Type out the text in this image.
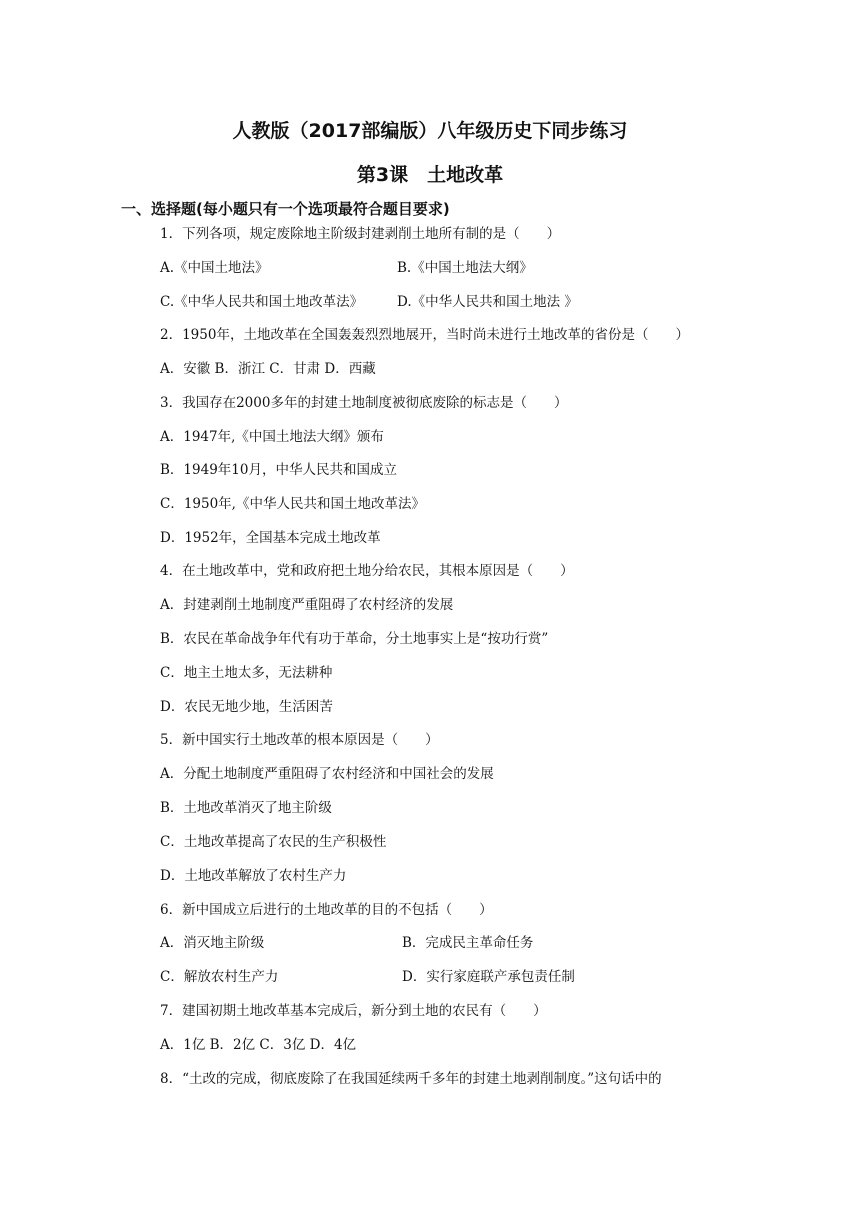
人教版（2017部编版）八年级历史下同步练习
第3课　土地改革
一、选择题(每小题只有一个选项最符合题目要求)

1．下列各项，规定废除地主阶级封建剥削土地所有制的是（　　）

A.《中国土地法》	B.《中国土地法大纲》

C.《中华人民共和国土地改革法》	D.《中华人民共和国土地法 》

2．1950年，土地改革在全国轰轰烈烈地展开，当时尚未进行土地改革的省份是（　　）

A．安徽 B．浙江 C．甘肃 D．西藏

3．我国存在2000多年的封建土地制度被彻底废除的标志是（　　）

A．1947年,《中国土地法大纲》颁布

B．1949年10月，中华人民共和国成立

C．1950年,《中华人民共和国土地改革法》

D．1952年，全国基本完成土地改革

4．在土地改革中，党和政府把土地分给农民，其根本原因是（　　）

A．封建剥削土地制度严重阻碍了农村经济的发展

B．农民在革命战争年代有功于革命，分土地事实上是“按功行赏”

C．地主土地太多，无法耕种

D．农民无地少地，生活困苦

5．新中国实行土地改革的根本原因是（　　）

A．分配土地制度严重阻碍了农村经济和中国社会的发展

B．土地改革消灭了地主阶级

C．土地改革提高了农民的生产积极性

D．土地改革解放了农村生产力

6．新中国成立后进行的土地改革的目的不包括（　　）

A．消灭地主阶级	B．完成民主革命任务

C．解放农村生产力	D．实行家庭联产承包责任制

7．建国初期土地改革基本完成后，新分到土地的农民有（　　）

A．1亿 B．2亿 C．3亿 D．4亿

8．“土改的完成，彻底废除了在我国延续两千多年的封建土地剥削制度。”这句话中的
